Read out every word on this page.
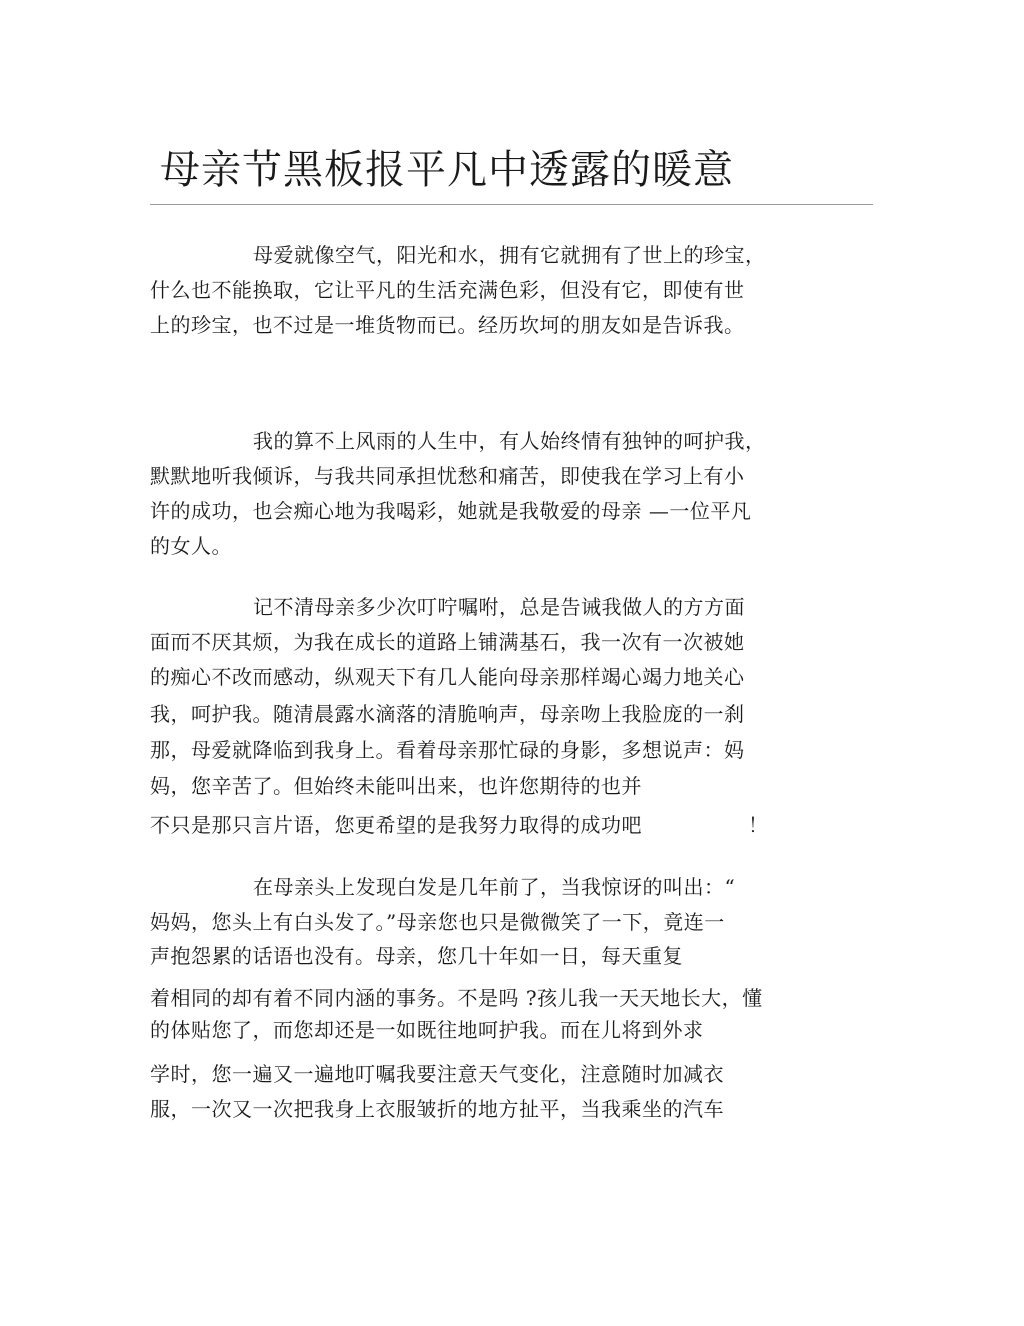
母亲节黑板报平凡中透露的暖意
母爱就像空气，阳光和水，拥有它就拥有了世上的珍宝，
什么也不能换取，它让平凡的生活充满色彩，但没有它，即使有世
上的珍宝，也不过是一堆货物而已。经历坎坷的朋友如是告诉我。
我的算不上风雨的人生中，有人始终情有独钟的呵护我，
默默地听我倾诉，与我共同承担忧愁和痛苦，即使我在学习上有小
许的成功，也会痴心地为我喝彩，她就是我敬爱的母亲 —一位平凡
的女人。
记不清母亲多少次叮咛嘱咐，总是告诫我做人的方方面
面而不厌其烦，为我在成长的道路上铺满基石，我一次有一次被她
的痴心不改而感动，纵观天下有几人能向母亲那样竭心竭力地关心
我，呵护我。随清晨露水滴落的清脆响声，母亲吻上我脸庞的一刹
那，母爱就降临到我身上。看着母亲那忙碌的身影，多想说声：妈
妈，您辛苦了。但始终未能叫出来，也许您期待的也并
不只是那只言片语，您更希望的是我努力取得的成功吧	！
在母亲头上发现白发是几年前了，当我惊讶的叫出：“
妈妈，您头上有白头发了。”母亲您也只是微微笑了一下，竟连一
声抱怨累的话语也没有。母亲，您几十年如一日，每天重复
着相同的却有着不同内涵的事务。不是吗 ?孩儿我一天天地长大，懂
的体贴您了，而您却还是一如既往地呵护我。而在儿将到外求
学时，您一遍又一遍地叮嘱我要注意天气变化，注意随时加减衣
服，一次又一次把我身上衣服皱折的地方扯平，当我乘坐的汽车
